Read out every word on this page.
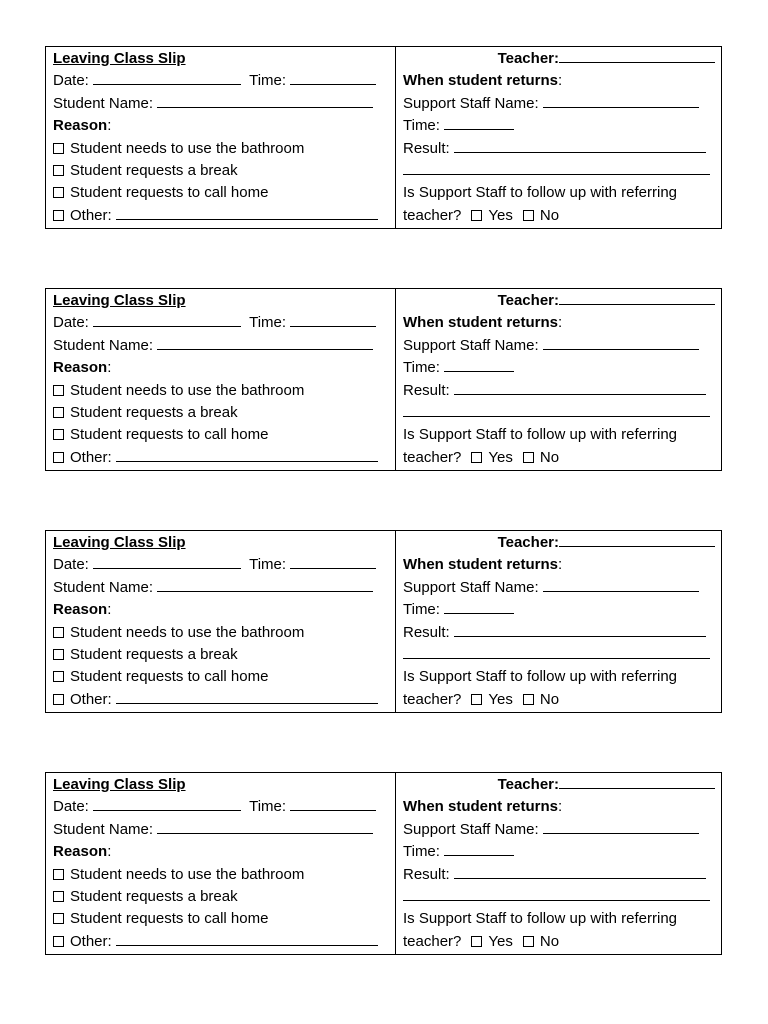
Leaving Class Slip
Date:	Time:
Student Name:
Reason:
Student needs to use the bathroom
Student requests a break
Student requests to call home
Other:
Teacher:
When student returns:
Support Staff Name:
Time:
Result:
Is Support Staff to follow up with referring
teacher? Yes No
Leaving Class Slip
Date:	Time:
Student Name:
Reason:
Student needs to use the bathroom
Student requests a break
Student requests to call home
Other:
Teacher:
When student returns:
Support Staff Name:
Time:
Result:
Is Support Staff to follow up with referring
teacher? Yes No
Leaving Class Slip
Date:	Time:
Student Name:
Reason:
Student needs to use the bathroom
Student requests a break
Student requests to call home
Other:
Teacher:
When student returns:
Support Staff Name:
Time:
Result:
Is Support Staff to follow up with referring
teacher? Yes No
Leaving Class Slip
Date:	Time:
Student Name:
Reason:
Student needs to use the bathroom
Student requests a break
Student requests to call home
Other:
Teacher:
When student returns:
Support Staff Name:
Time:
Result:
Is Support Staff to follow up with referring
teacher? Yes No
